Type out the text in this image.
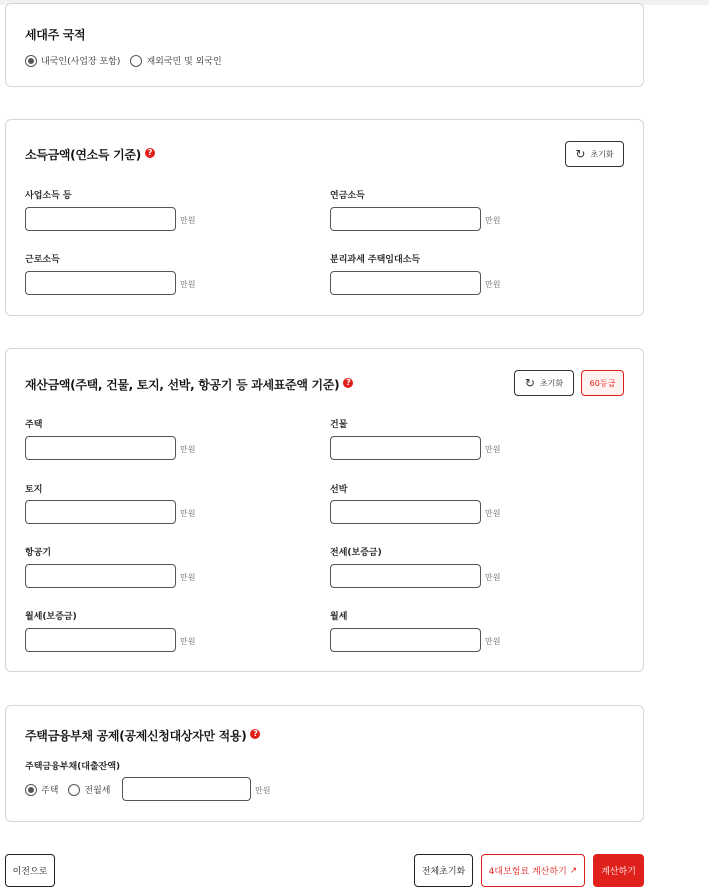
세대주 국적
내국인(사업장 포함)	재외국민 및 외국인
소득금액(연소득 기준) ?	↻ 초기화
사업소득 등
만원
연금소득
만원
근로소득
만원
분리과세 주택임대소득
만원
재산금액(주택, 건물, 토지, 선박, 항공기 등 과세표준액 기준) ?	↻ 초기화	60등급
주택
만원
건물
만원
토지
만원
선박
만원
항공기
만원
전세(보증금)
만원
월세(보증금)
만원
월세
만원
주택금융부채 공제(공제신청대상자만 적용) ?
주택금융부채(대출잔액)
주택	전월세	만원
이전으로	전체초기화	4대보험료 계산하기 ↗	계산하기
